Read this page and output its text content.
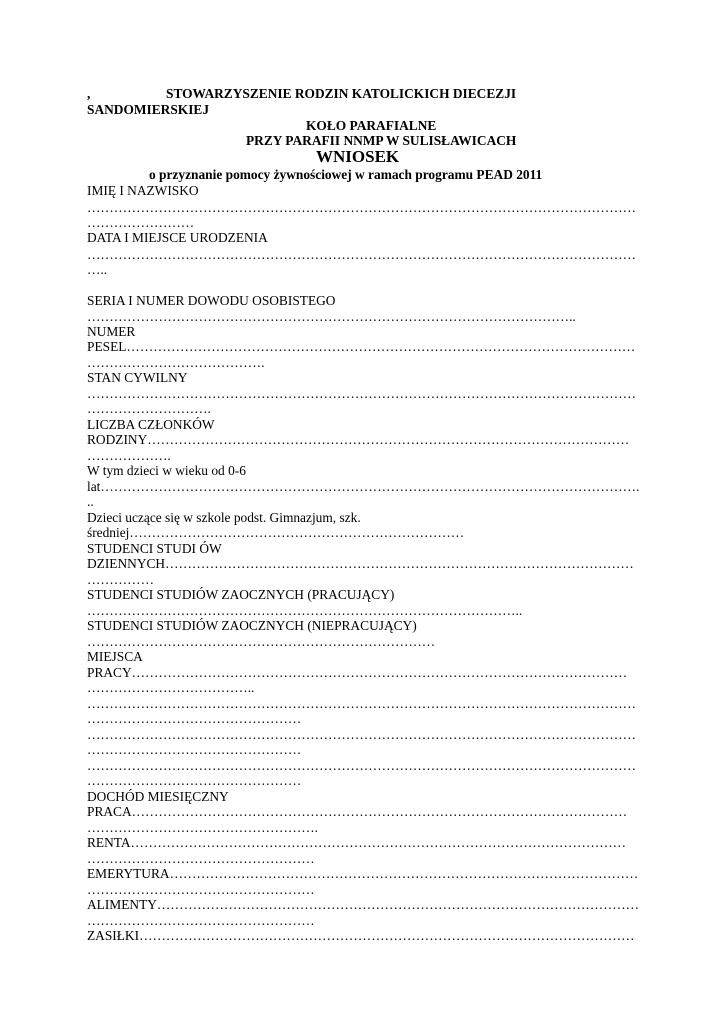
,	STOWARZYSZENIE RODZIN KATOLICKICH DIECEZJI
SANDOMIERSKIEJ
KOŁO PARAFIALNE
PRZY PARAFII NNMP W SULISŁAWICACH
WNIOSEK
o przyznanie pomocy żywnościowej w ramach programu PEAD 2011
IMIĘ I NAZWISKO
……………………………………………………………………………………………………………
……………………
DATA I MIEJSCE URODZENIA
……………………………………………………………………………………………………………
…..
SERIA I NUMER DOWODU OSOBISTEGO
………………………………………………………………………………………………..
NUMER
PESEL……………………………………………………………………………………………………
………………………………….
STAN CYWILNY
……………………………………………………………………………………………………………
……………………….
LICZBA CZŁONKÓW
RODZINY………………………………………………………………………………………………
……………….
W tym dzieci w wieku od 0-6
lat………………………………………………………………………………………………………….
..
Dzieci uczące się w szkole podst. Gimnazjum, szk.
średniej…………………………………………………………………
STUDENCI STUDI ÓW
DZIENNYCH……………………………………………………………………………………………
……………
STUDENCI STUDIÓW ZAOCZNYCH (PRACUJĄCY)
……………………………………………………………………………………..
STUDENCI STUDIÓW ZAOCZNYCH (NIEPRACUJĄCY)
……………………………………………………………………
MIEJSCA
PRACY…………………………………………………………………………………………………
………………………………..
……………………………………………………………………………………………………………
…………………………………………
……………………………………………………………………………………………………………
…………………………………………
……………………………………………………………………………………………………………
…………………………………………
DOCHÓD MIESIĘCZNY
PRACA…………………………………………………………………………………………………
…………………………………………….
RENTA…………………………………………………………………………………………………
……………………………………………
EMERYTURA……………………………………………………………………………………………
……………………………………………
ALIMENTY………………………………………………………………………………………………
……………………………………………
ZASIŁKI…………………………………………………………………………………………………
